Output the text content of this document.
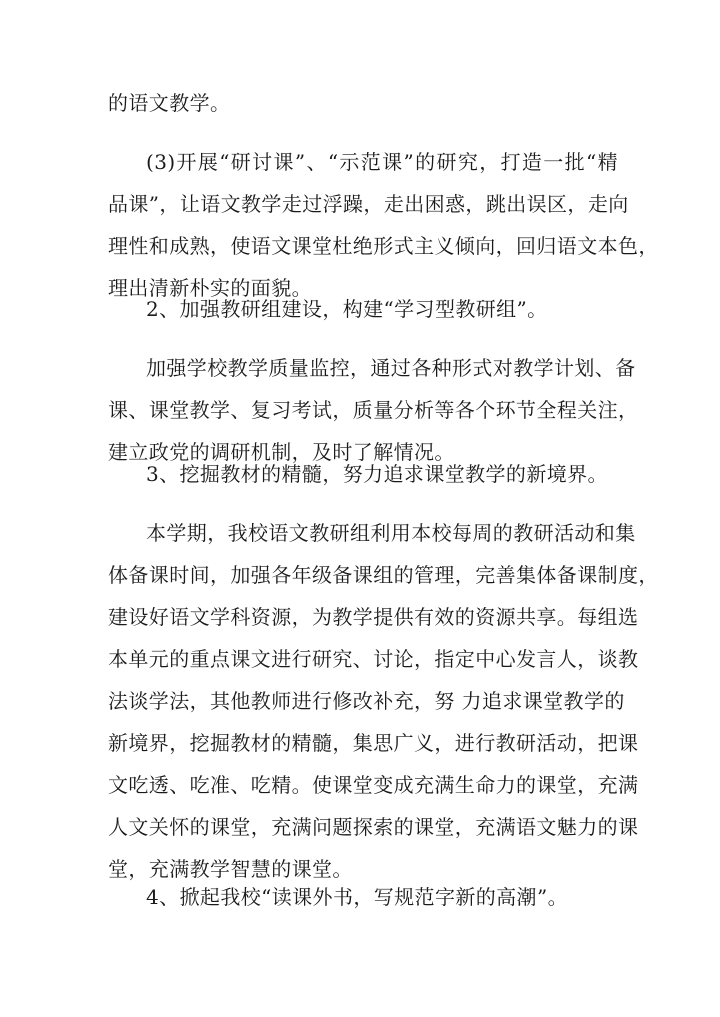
的语文教学。
(3)开展“研讨课”、“示范课”的研究，打造一批“精
品课”，让语文教学走过浮躁，走出困惑，跳出误区，走向
理性和成熟，使语文课堂杜绝形式主义倾向，回归语文本色，
理出清新朴实的面貌。
2、加强教研组建设，构建“学习型教研组”。
加强学校教学质量监控，通过各种形式对教学计划、备
课、课堂教学、复习考试，质量分析等各个环节全程关注，
建立政党的调研机制，及时了解情况。
3、挖掘教材的精髓，努力追求课堂教学的新境界。
本学期，我校语文教研组利用本校每周的教研活动和集
体备课时间，加强各年级备课组的管理，完善集体备课制度，
建设好语文学科资源，为教学提供有效的资源共享。每组选
本单元的重点课文进行研究、讨论，指定中心发言人，谈教
法谈学法，其他教师进行修改补充，努 力追求课堂教学的
新境界，挖掘教材的精髓，集思广义，进行教研活动，把课
文吃透、吃准、吃精。使课堂变成充满生命力的课堂，充满
人文关怀的课堂，充满问题探索的课堂，充满语文魅力的课
堂，充满教学智慧的课堂。
4、掀起我校“读课外书，写规范字新的高潮”。
